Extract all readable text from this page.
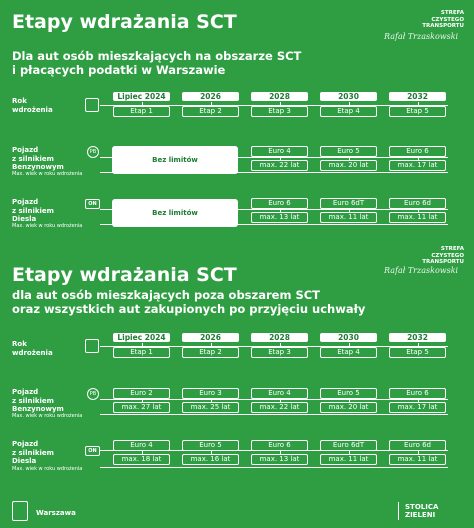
Etapy wdrażania SCT
Dla aut osób mieszkających na obszarze SCT
i płacących podatki w Warszawie
STREFA
CZYSTEGO
TRANSPORTU
Rafał Trzaskowski
Rok
wdrożenia
Lipiec 2024	2026	2028	2030	2032
Etap 1	Etap 2	Etap 3	Etap 4	Etap 5
Pojazd
z silnikiem
Benzynowym
PB
Max. wiek w roku wdrożenia
Bez limitów
Euro 4	Euro 5	Euro 6
max. 22 lat	max. 20 lat	max. 17 lat
Pojazd
z silnikiem
Diesla
ON
Max. wiek w roku wdrożenia
Bez limitów
Euro 6	Euro 6dT	Euro 6d
max. 13 lat	max. 11 lat	max. 11 lat
STREFA
CZYSTEGO
TRANSPORTU
Rafał Trzaskowski
Etapy wdrażania SCT
dla aut osób mieszkających poza obszarem SCT
oraz wszystkich aut zakupionych po przyjęciu uchwały
Rok
wdrożenia
Lipiec 2024	2026	2028	2030	2032
Etap 1	Etap 2	Etap 3	Etap 4	Etap 5
Pojazd
z silnikiem
Benzynowym
PB
Max. wiek w roku wdrożenia
Euro 2	Euro 3	Euro 4	Euro 5	Euro 6
max. 27 lat	max. 25 lat	max. 22 lat	max. 20 lat	max. 17 lat
Pojazd
z silnikiem
Diesla
ON
Max. wiek w roku wdrożenia
Euro 4	Euro 5	Euro 6	Euro 6dT	Euro 6d
max. 18 lat	max. 16 lat	max. 13 lat	max. 11 lat	max. 11 lat
Warszawa
STOLICA
ZIELENI
